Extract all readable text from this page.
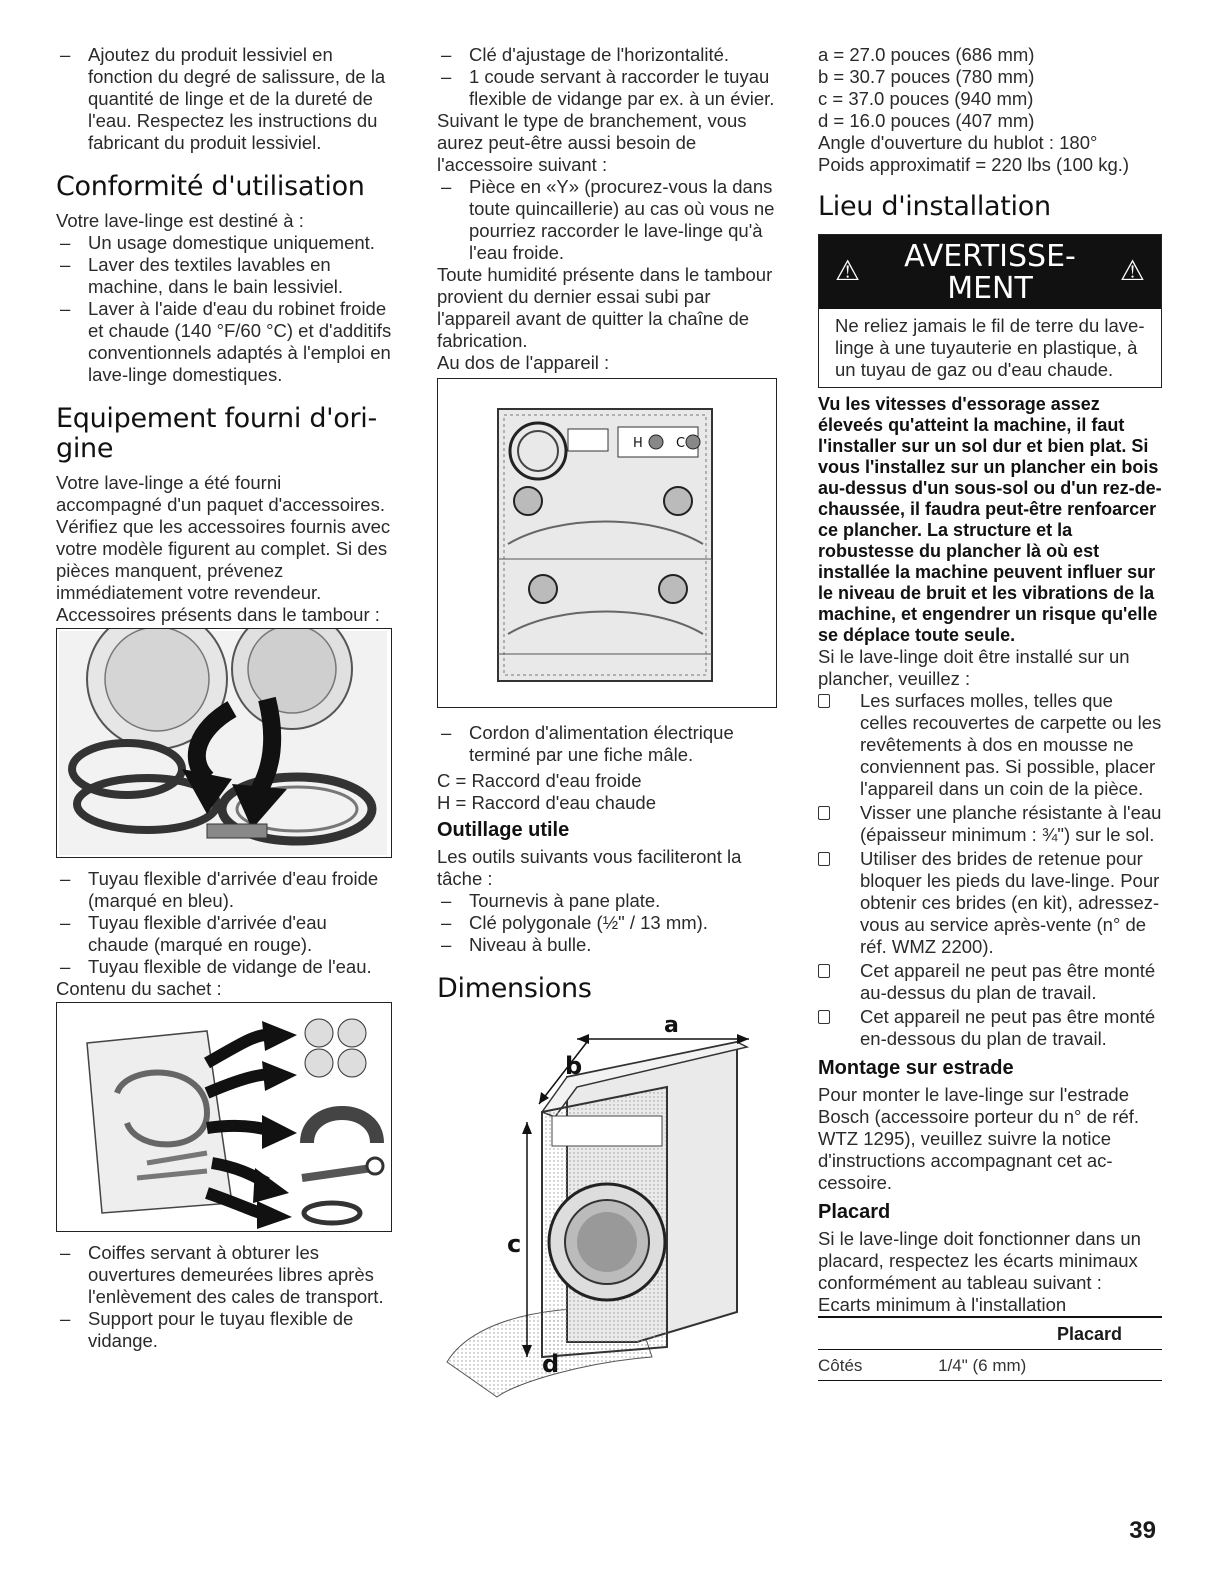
– Ajoutez du produit lessiviel en fonction du degré de salissure, de la quantité de linge et de la dureté de l'eau. Respectez les instructions du fabricant du produit lessiviel.
Conformité d'utilisation

Votre lave-linge est destiné à :

– Un usage domestique uniquement.
– Laver des textiles lavables en machine, dans le bain lessiviel.
– Laver à l'aide d'eau du robinet froide et chaude (140 °F/60 °C) et d'additifs conventionnels adaptés à l'emploi en lave-linge domestiques.
Equipement fourni d'ori-
gine

Votre lave-linge a été fourni accompagné d'un paquet d'accessoires. Vérifiez que les accessoires fournis avec votre modèle figurent au complet. Si des pièces manquent, prévenez immédiatement votre revendeur.

Accessoires présents dans le tambour :

– Tuyau flexible d'arrivée d'eau froide (marqué en bleu).
– Tuyau flexible d'arrivée d'eau chaude (marqué en rouge).
– Tuyau flexible de vidange de l'eau.

Contenu du sachet :

– Coiffes servant à obturer les ouvertures demeurées libres après l'enlèvement des cales de transport.
– Support pour le tuyau flexible de vidange.
– Clé d'ajustage de l'horizontalité.
– 1 coude servant à raccorder le tuyau flexible de vidange par ex. à un évier.

Suivant le type de branchement, vous aurez peut-être aussi besoin de l'accessoire suivant :

– Pièce en «Y» (procurez-vous la dans toute quincaillerie) au cas où vous ne pourriez raccorder le lave-linge qu'à l'eau froide.

Toute humidité présente dans le tambour provient du dernier essai subi par l'appareil avant de quitter la chaîne de fabrication.

Au dos de l'appareil :

H	C
– Cordon d'alimentation électrique terminé par une fiche mâle.

C = Raccord d'eau froide

H = Raccord d'eau chaude

Outillage utile

Les outils suivants vous faciliteront la tâche :

– Tournevis à pane plate.
– Clé polygonale (½" / 13 mm).
– Niveau à bulle.
Dimensions
a
b
c
d

a = 27.0 pouces (686 mm)

b = 30.7 pouces (780 mm)

c = 37.0 pouces (940 mm)

d = 16.0 pouces (407 mm)

Angle d'ouverture du hublot : 180°

Poids approximatif = 220 lbs (100 kg.)

Lieu d'installation
⚠	AVERTISSE-
MENT
⚠

Ne reliez jamais le fil de terre du lave-linge à une tuyauterie en plastique, à un tuyau de gaz ou d'eau chaude.

Vu les vitesses d'essorage assez éleveés qu'atteint la machine, il faut l'installer sur un sol dur et bien plat. Si vous l'installez sur un plancher ein bois au-dessus d'un sous-sol ou d'un rez-de-chaussée, il faudra peut-être renfoarcer ce plancher. La structure et la robustesse du plancher là où est installée la machine peuvent influer sur le niveau de bruit et les vibrations de la machine, et engendrer un risque qu'elle se déplace toute seule.

Si le lave-linge doit être installé sur un plancher, veuillez :

Les surfaces molles, telles que celles recouvertes de carpette ou les revêtements à dos en mousse ne conviennent pas. Si possible, placer l'appareil dans un coin de la pièce.
Visser une planche résistante à l'eau (épaisseur minimum : ¾") sur le sol.
Utiliser des brides de retenue pour bloquer les pieds du lave-linge. Pour obtenir ces brides (en kit), adressez-vous au service après-vente (n° de réf. WMZ 2200).
Cet appareil ne peut pas être monté au-dessus du plan de travail.
Cet appareil ne peut pas être monté en-dessous du plan de travail.
Montage sur estrade

Pour monter le lave-linge sur l'estrade Bosch (accessoire porteur du n° de réf. WTZ 1295), veuillez suivre la notice d'instructions accompagnant cet ac-cessoire.

Placard

Si le lave-linge doit fonctionner dans un placard, respectez les écarts minimaux conformément au tableau suivant :

Ecarts minimum à l'installation

	Placard
Côtés	1/4" (6 mm)
39
